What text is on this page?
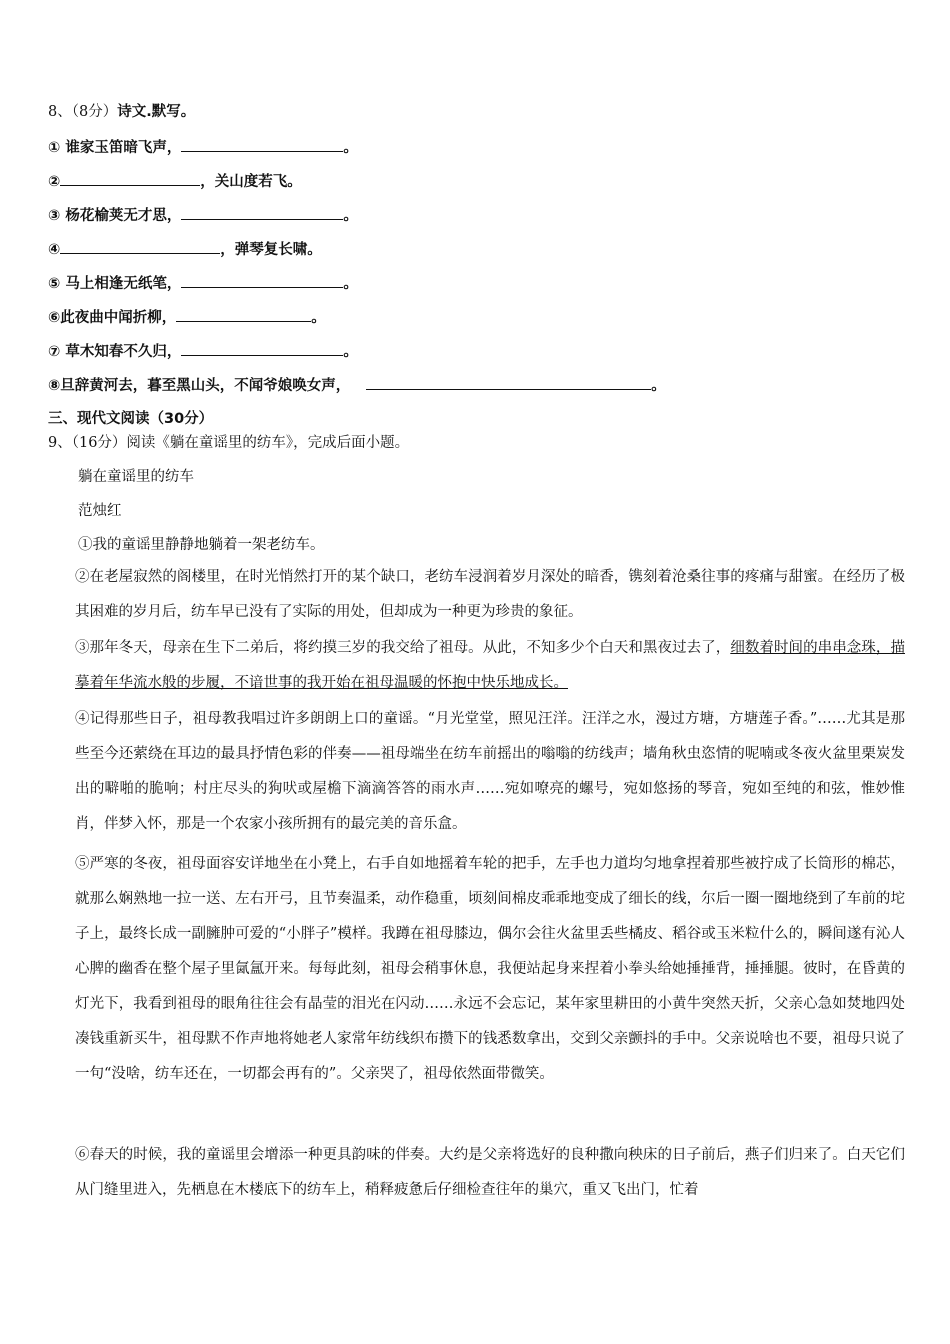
8、（8分）诗文.默写。
① 谁家玉笛暗飞声，	。
②	，关山度若飞。
③ 杨花榆荚无才思，	。
④	，弹琴复长啸。
⑤ 马上相逢无纸笔，	。
⑥此夜曲中闻折柳，	。
⑦ 草木知春不久归，	。
⑧旦辞黄河去，暮至黑山头，不闻爷娘唤女声，	。
三、现代文阅读（30分）
9、（16分）阅读《躺在童谣里的纺车》，完成后面小题。
躺在童谣里的纺车
范烛红
①我的童谣里静静地躺着一架老纺车。
②在老屋寂然的阁楼里，在时光悄然打开的某个缺口，老纺车浸润着岁月深处的暗香，镌刻着沧桑往事的疼痛与甜蜜。在经历了极其困难的岁月后，纺车早已没有了实际的用处，但却成为一种更为珍贵的象征。
③那年冬天，母亲在生下二弟后，将约摸三岁的我交给了祖母。从此，不知多少个白天和黑夜过去了，细数着时间的串串念珠，描摹着年华流水般的步履，不谙世事的我开始在祖母温暖的怀抱中快乐地成长。
④记得那些日子，祖母教我唱过许多朗朗上口的童谣。“月光堂堂，照见汪洋。汪洋之水，漫过方塘，方塘莲子香。”……尤其是那些至今还萦绕在耳边的最具抒情色彩的伴奏——祖母端坐在纺车前摇出的嗡嗡的纺线声；墙角秋虫恣情的呢喃或冬夜火盆里栗炭发出的噼啪的脆响；村庄尽头的狗吠或屋檐下滴滴答答的雨水声……宛如嘹亮的螺号，宛如悠扬的琴音，宛如至纯的和弦，惟妙惟肖，伴梦入怀，那是一个农家小孩所拥有的最完美的音乐盒。
⑤严寒的冬夜，祖母面容安详地坐在小凳上，右手自如地摇着车轮的把手，左手也力道均匀地拿捏着那些被拧成了长筒形的棉芯，就那么娴熟地一拉一送、左右开弓，且节奏温柔，动作稳重，顷刻间棉皮乖乖地变成了细长的线，尔后一圈一圈地绕到了车前的坨子上，最终长成一副臃肿可爱的“小胖子”模样。我蹲在祖母膝边，偶尔会往火盆里丢些橘皮、稻谷或玉米粒什么的，瞬间遂有沁人心脾的幽香在整个屋子里氤氲开来。每每此刻，祖母会稍事休息，我便站起身来捏着小拳头给她捶捶背，捶捶腿。彼时，在昏黄的灯光下，我看到祖母的眼角往往会有晶莹的泪光在闪动……永远不会忘记，某年家里耕田的小黄牛突然天折，父亲心急如焚地四处凑钱重新买牛，祖母默不作声地将她老人家常年纺线织布攒下的钱悉数拿出，交到父亲颤抖的手中。父亲说啥也不要，祖母只说了一句“没啥，纺车还在，一切都会再有的”。父亲哭了，祖母依然面带微笑。
⑥春天的时候，我的童谣里会增添一种更具韵味的伴奏。大约是父亲将选好的良种撒向秧床的日子前后，燕子们归来了。白天它们从门缝里进入，先栖息在木楼底下的纺车上，稍释疲惫后仔细检查往年的巢穴，重又飞出门，忙着
